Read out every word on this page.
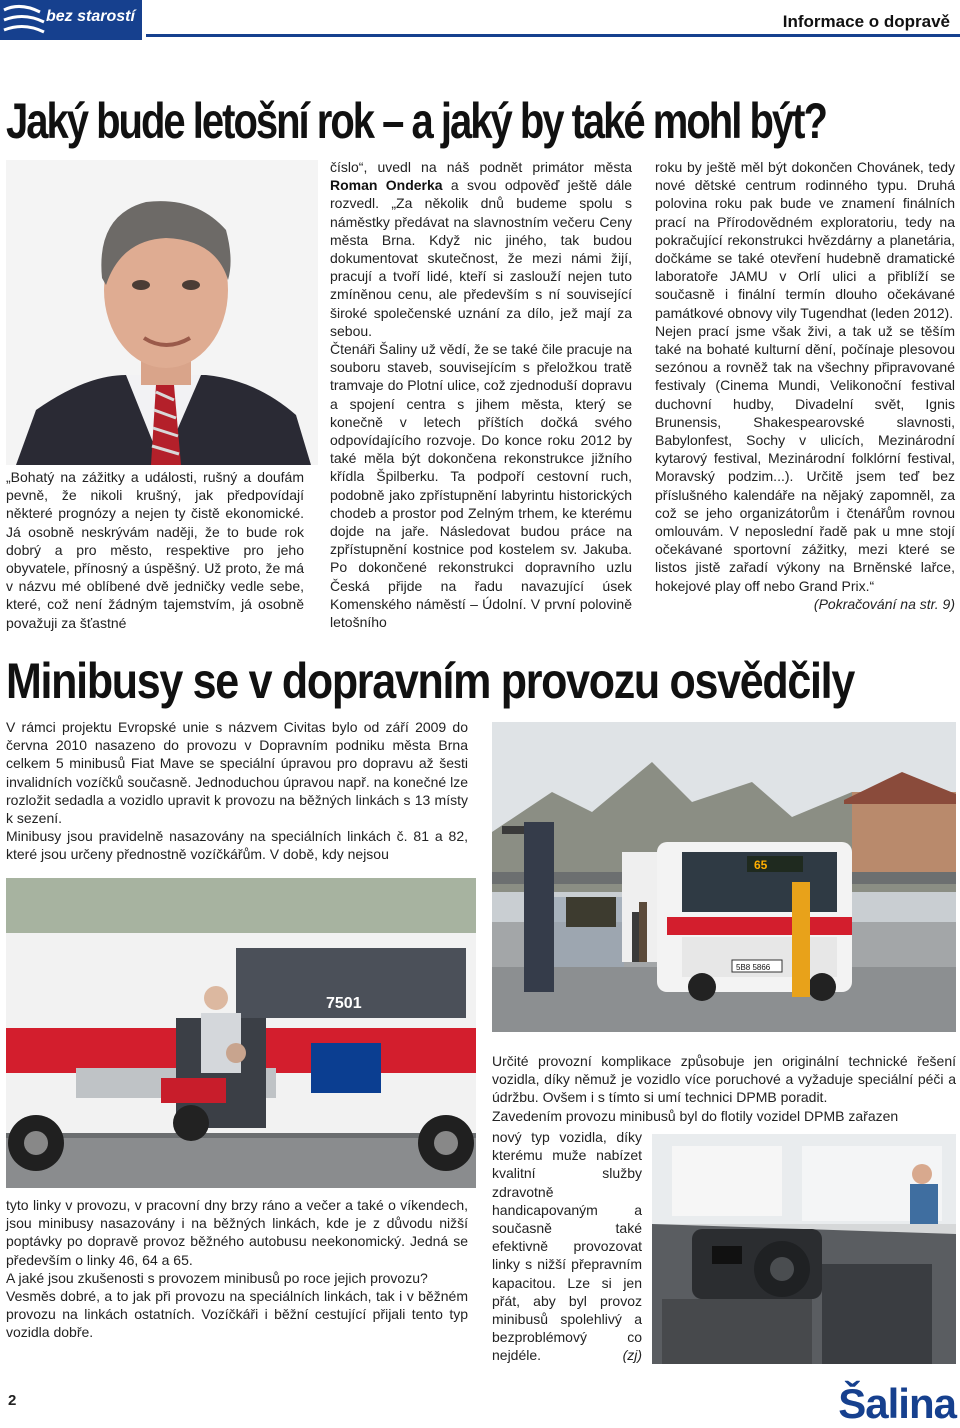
bez starostí	Informace o dopravě
Jaký bude letošní rok – a jaký by také mohl být?

„Bohatý na zážitky a události, rušný a doufám pevně, že nikoli krušný, jak předpovídají některé prognózy a nejen ty čistě ekonomické. Já osobně neskrývám naději, že to bude rok dobrý a pro město, respektive pro jeho obyvatele, přínosný a úspěšný. Už proto, že má v názvu mé oblíbené dvě jedničky vedle sebe, které, což není žádným tajemstvím, já osobně považuji za šťastné

číslo“, uvedl na náš podnět primátor města Roman Onderka a svou odpověď ještě dále rozvedl. „Za několik dnů budeme spolu s náměstky předávat na slavnostním večeru Ceny města Brna. Když nic jiného, tak budou dokumentovat skutečnost, že mezi námi žijí, pracují a tvoří lidé, kteří si zaslouží nejen tuto zmíněnou cenu, ale především s ní související široké společenské uznání za dílo, jež mají za sebou.

Čtenáři Šaliny už vědí, že se také čile pracuje na souboru staveb, souvisejícím s přeložkou tratě tramvaje do Plotní ulice, což zjednoduší dopravu a spojení centra s jihem města, který se konečně v letech příštích dočká svého odpovídajícího rozvoje. Do konce roku 2012 by také měla být dokončena rekonstrukce jižního křídla Špilberku. Ta podpoří cestovní ruch, podobně jako zpřístupnění labyrintu historických chodeb a prostor pod Zelným trhem, ke kterému dojde na jaře. Následovat budou práce na zpřístupnění kostnice pod kostelem sv. Jakuba. Po dokončené rekonstrukci dopravního uzlu Česká přijde na řadu navazující úsek Komenského náměstí – Údolní. V první polovině letošního

roku by ještě měl být dokončen Chovánek, tedy nové dětské centrum rodinného typu. Druhá polovina roku pak bude ve znamení finálních prací na Přírodovědném exploratoriu, tedy na pokračující rekonstrukci hvězdárny a planetária, dočkáme se také otevření hudebně dramatické laboratoře JAMU v Orlí ulici a přiblíží se současně i finální termín dlouho očekávané památkové obnovy vily Tugendhat (leden 2012).

Nejen prací jsme však živi, a tak už se těším také na bohaté kulturní dění, počínaje plesovou sezónou a rovněž tak na všechny připravované festivaly (Cinema Mundi, Velikonoční festival duchovní hudby, Divadelní svět, Ignis Brunensis, Shakespearovské slavnosti, Babylonfest, Sochy v ulicích, Mezinárodní kytarový festival, Mezinárodní folklórní festival, Moravský podzim...). Určitě jsem teď bez příslušného kalendáře na nějaký zapomněl, za což se jeho organizátorům i čtenářům rovnou omlouvám. V neposlední řadě pak u mne stojí očekávané sportovní zážitky, mezi které se listos jistě zařadí výkony na Brněnské lařce, hokejové play off nebo Grand Prix.“

(Pokračování na str. 9)

Minibusy se v dopravním provozu osvědčily

V rámci projektu Evropské unie s názvem Civitas bylo od září 2009 do června 2010 nasazeno do provozu v Dopravním podniku města Brna celkem 5 minibusů Fiat Mave se speciální úpravou pro dopravu až šesti invalidních vozíčků současně. Jednoduchou úpravou např. na konečné lze rozložit sedadla a vozidlo upravit k provozu na běžných linkách s 13 místy k sezení.

Minibusy jsou pravidelně nasazovány na speciálních linkách č. 81 a 82, které jsou určeny přednostně vozíčkářům. V době, kdy nejsou

65
5B8 5866
7501

tyto linky v provozu, v pracovní dny brzy ráno a večer a také o víkendech, jsou minibusy nasazovány i na běžných linkách, kde je z důvodu nižší poptávky po dopravě provoz běžného autobusu neekonomický. Jedná se především o linky 46, 64 a 65.

A jaké jsou zkušenosti s provozem minibusů po roce jejich provozu?

Vesměs dobré, a to jak při provozu na speciálních linkách, tak i v běžném provozu na linkách ostatních. Vozíčkáři i běžní cestující přijali tento typ vozidla dobře.

Určité provozní komplikace způsobuje jen originální technické řešení vozidla, díky němuž je vozidlo více poruchové a vyžaduje speciální péči a údržbu. Ovšem i s tímto si umí technici DPMB poradit.

Zavedením provozu minibusů byl do flotily vozidel DPMB zařazen

nový typ vozidla, díky kterému muže nabízet kvalitní služby zdravotně handicapovaným a současně také efektivně provozovat linky s nižší přepravním kapacitou. Lze si jen přát, aby byl provoz minibusů spolehlivý a bezproblémový co nejdéle.	(zj)

2	Šalina
